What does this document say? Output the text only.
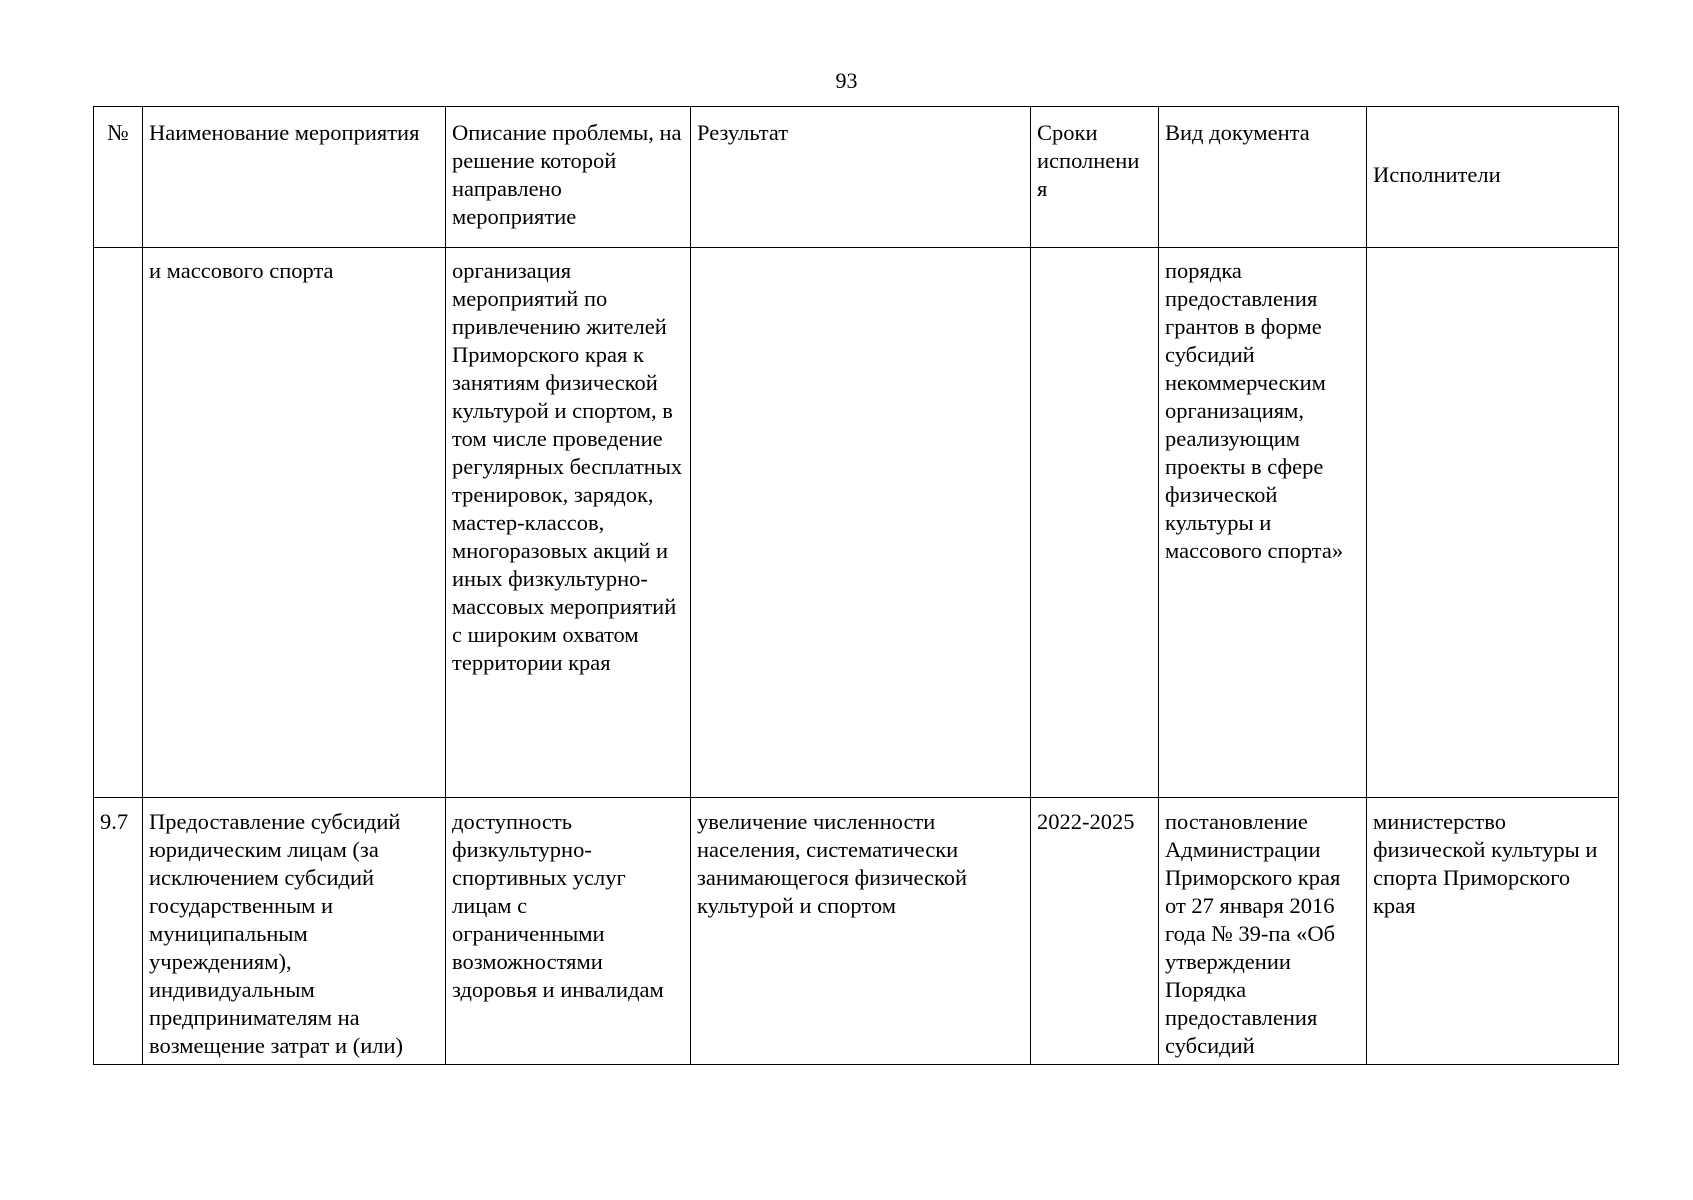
93
№	Наименование мероприятия	Описание проблемы, на решение которой направлено мероприятие	Результат	Сроки исполнени я	Вид документа	Исполнители
	и массового спорта	организация мероприятий по привлечению жителей Приморского края к занятиям физической культурой и спортом, в том числе проведение регулярных бесплатных тренировок, зарядок, мастер-классов, многоразовых акций и иных физкультурно-массовых мероприятий с широким охватом территории края			порядка предоставления грантов в форме субсидий некоммерческим организациям, реализующим проекты в сфере физической культуры и массового спорта»	
9.7	Предоставление субсидий юридическим лицам (за исключением субсидий государственным и муниципальным учреждениям), индивидуальным предпринимателям на возмещение затрат и (или)	доступность физкультурно-спортивных услуг лицам с ограниченными возможностями здоровья и инвалидам	увеличение численности населения, систематически занимающегося физической культурой и спортом	2022-2025	постановление Администрации Приморского края от 27 января 2016 года № 39-па «Об утверждении Порядка предоставления субсидий	министерство физической культуры и спорта Приморского края
